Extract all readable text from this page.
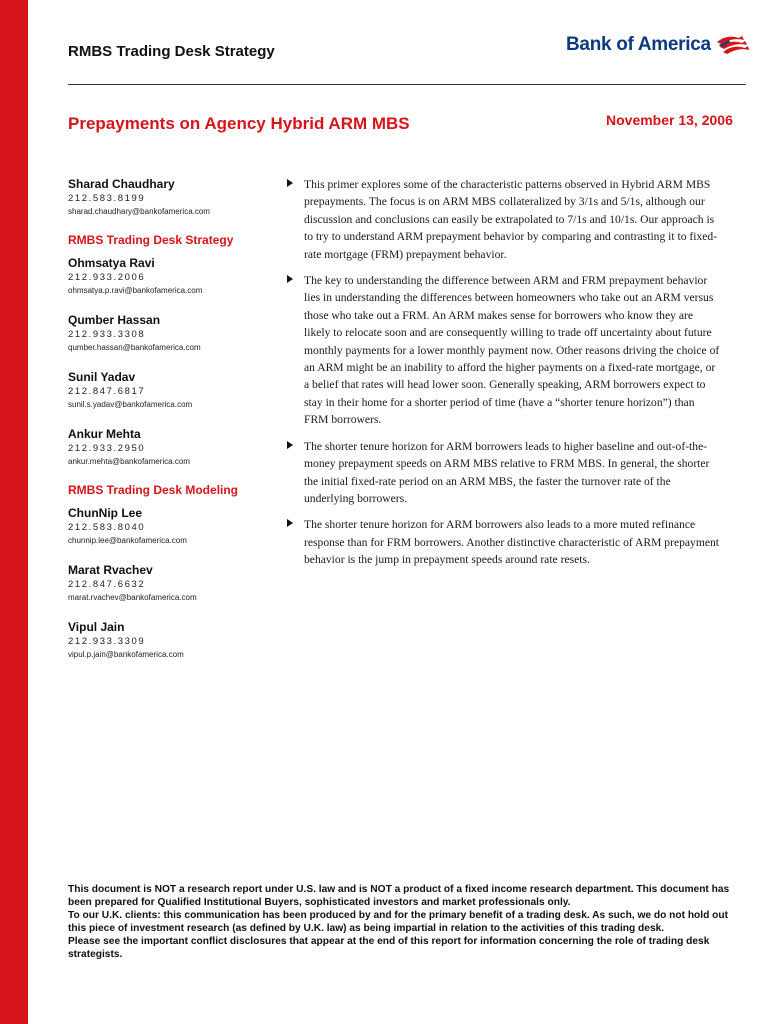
RMBS Trading Desk Strategy	Bank of America
Prepayments on Agency Hybrid ARM MBS	November 13, 2006
Sharad Chaudhary
212.583.8199
sharad.chaudhary@bankofamerica.com
RMBS Trading Desk Strategy
Ohmsatya Ravi
212.933.2006
ohmsatya.p.ravi@bankofamerica.com
Qumber Hassan
212.933.3308
qumber.hassan@bankofamerica.com
Sunil Yadav
212.847.6817
sunil.s.yadav@bankofamerica.com
Ankur Mehta
212.933.2950
ankur.mehta@bankofamerica.com
RMBS Trading Desk Modeling
ChunNip Lee
212.583.8040
chunnip.lee@bankofamerica.com
Marat Rvachev
212.847.6632
marat.rvachev@bankofamerica.com
Vipul Jain
212.933.3309
vipul.p.jain@bankofamerica.com
This primer explores some of the characteristic patterns observed in Hybrid ARM MBS prepayments. The focus is on ARM MBS collateralized by 3/1s and 5/1s, although our discussion and conclusions can easily be extrapolated to 7/1s and 10/1s. Our approach is to try to understand ARM prepayment behavior by comparing and contrasting it to fixed-rate mortgage (FRM) prepayment behavior.
The key to understanding the difference between ARM and FRM prepayment behavior lies in understanding the differences between homeowners who take out an ARM versus those who take out a FRM. An ARM makes sense for borrowers who know they are likely to relocate soon and are consequently willing to trade off uncertainty about future monthly payments for a lower monthly payment now. Other reasons driving the choice of an ARM might be an inability to afford the higher payments on a fixed-rate mortgage, or a belief that rates will head lower soon. Generally speaking, ARM borrowers expect to stay in their home for a shorter period of time (have a “shorter tenure horizon”) than FRM borrowers.
The shorter tenure horizon for ARM borrowers leads to higher baseline and out-of-the-money prepayment speeds on ARM MBS relative to FRM MBS. In general, the shorter the initial fixed-rate period on an ARM MBS, the faster the turnover rate of the underlying borrowers.
The shorter tenure horizon for ARM borrowers also leads to a more muted refinance response than for FRM borrowers. Another distinctive characteristic of ARM prepayment behavior is the jump in prepayment speeds around rate resets.

This document is NOT a research report under U.S. law and is NOT a product of a fixed income research department. This document has been prepared for Qualified Institutional Buyers, sophisticated investors and market professionals only.

To our U.K. clients: this communication has been produced by and for the primary benefit of a trading desk. As such, we do not hold out this piece of investment research (as defined by U.K. law) as being impartial in relation to the activities of this trading desk.

Please see the important conflict disclosures that appear at the end of this report for information concerning the role of trading desk strategists.
